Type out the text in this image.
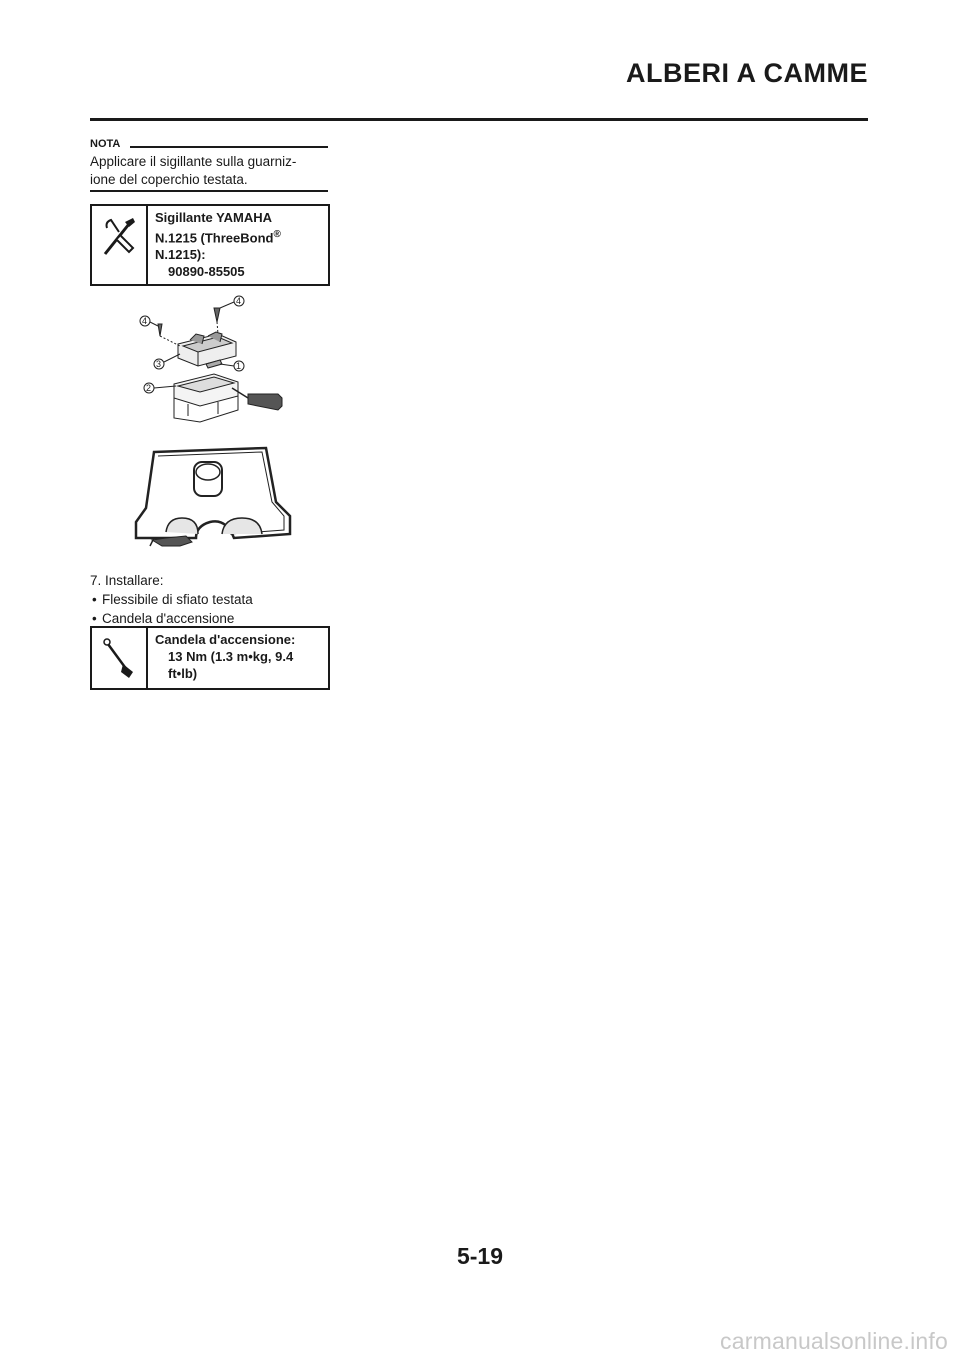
ALBERI A CAMME
NOTA
Applicare il sigillante sulla guarniz-
ione del coperchio testata.
Sigillante YAMAHA
N.1215 (ThreeBond®
N.1215):
90890-85505
4
4
3	1
2
7. Installare:
• Flessibile di sfiato testata
• Candela d'accensione
Candela d'accensione:
13 Nm (1.3 m•kg, 9.4
ft•lb)
5-19
carmanualsonline.info
